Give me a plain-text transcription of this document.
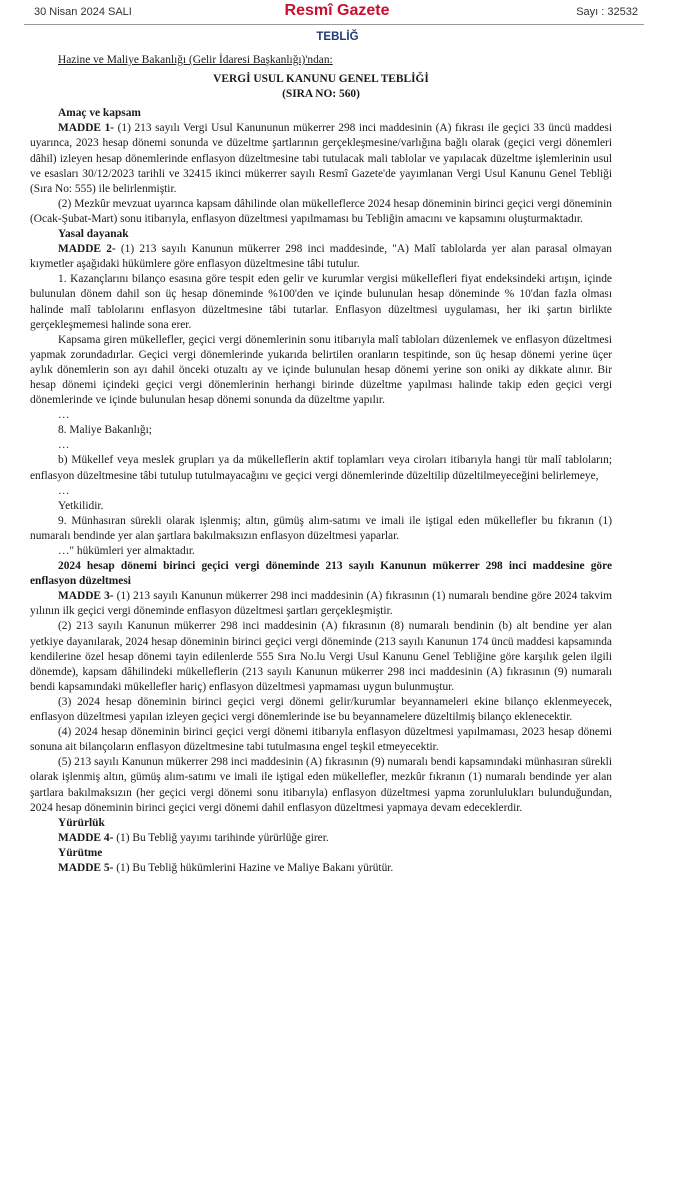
30 Nisan 2024 SALI	Resmî Gazete	Sayı : 32532
TEBLİĞ

Hazine ve Maliye Bakanlığı (Gelir İdaresi Başkanlığı)'ndan:

VERGİ USUL KANUNU GENEL TEBLİĞİ

(SIRA NO: 560)

Amaç ve kapsam

MADDE 1- (1) 213 sayılı Vergi Usul Kanununun mükerrer 298 inci maddesinin (A) fıkrası ile geçici 33 üncü maddesi uyarınca, 2023 hesap dönemi sonunda ve düzeltme şartlarının gerçekleşmesine/varlığına bağlı olarak (geçici vergi dönemleri dâhil) izleyen hesap dönemlerinde enflasyon düzeltmesine tabi tutulacak mali tablolar ve yapılacak düzeltme işlemlerinin usul ve esasları 30/12/2023 tarihli ve 32415 ikinci mükerrer sayılı Resmî Gazete'de yayımlanan Vergi Usul Kanunu Genel Tebliği (Sıra No: 555) ile belirlenmiştir.

(2) Mezkûr mevzuat uyarınca kapsam dâhilinde olan mükelleflerce 2024 hesap döneminin birinci geçici vergi döneminin (Ocak-Şubat-Mart) sonu itibarıyla, enflasyon düzeltmesi yapılmaması bu Tebliğin amacını ve kapsamını oluşturmaktadır.

Yasal dayanak

MADDE 2- (1) 213 sayılı Kanunun mükerrer 298 inci maddesinde, "A) Malî tablolarda yer alan parasal olmayan kıymetler aşağıdaki hükümlere göre enflasyon düzeltmesine tâbi tutulur.

1. Kazançlarını bilanço esasına göre tespit eden gelir ve kurumlar vergisi mükellefleri fiyat endeksindeki artışın, içinde bulunulan dönem dahil son üç hesap döneminde %100'den ve içinde bulunulan hesap döneminde % 10'dan fazla olması halinde malî tablolarını enflasyon düzeltmesine tâbi tutarlar. Enflasyon düzeltmesi uygulaması, her iki şartın birlikte gerçekleşmemesi halinde sona erer.

Kapsama giren mükellefler, geçici vergi dönemlerinin sonu itibarıyla malî tabloları düzenlemek ve enflasyon düzeltmesi yapmak zorundadırlar. Geçici vergi dönemlerinde yukarıda belirtilen oranların tespitinde, son üç hesap dönemi yerine üçer aylık dönemlerin son ayı dahil önceki otuzaltı ay ve içinde bulunulan hesap dönemi yerine son oniki ay dikkate alınır. Bir hesap dönemi içindeki geçici vergi dönemlerinin herhangi birinde düzeltme yapılması halinde takip eden geçici vergi dönemlerinde ve içinde bulunulan hesap dönemi sonunda da düzeltme yapılır.

…

8. Maliye Bakanlığı;

…

b) Mükellef veya meslek grupları ya da mükelleflerin aktif toplamları veya ciroları itibarıyla hangi tür malî tabloların; enflasyon düzeltmesine tâbi tutulup tutulmayacağını ve geçici vergi dönemlerinde düzeltilip düzeltilmeyeceğini belirlemeye,

…

Yetkilidir.

9. Münhasıran sürekli olarak işlenmiş; altın, gümüş alım-satımı ve imali ile iştigal eden mükellefler bu fıkranın (1) numaralı bendinde yer alan şartlara bakılmaksızın enflasyon düzeltmesi yaparlar.

…" hükümleri yer almaktadır.

2024 hesap dönemi birinci geçici vergi döneminde 213 sayılı Kanunun mükerrer 298 inci maddesine göre enflasyon düzeltmesi

MADDE 3- (1) 213 sayılı Kanunun mükerrer 298 inci maddesinin (A) fıkrasının (1) numaralı bendine göre 2024 takvim yılının ilk geçici vergi döneminde enflasyon düzeltmesi şartları gerçekleşmiştir.

(2) 213 sayılı Kanunun mükerrer 298 inci maddesinin (A) fıkrasının (8) numaralı bendinin (b) alt bendine yer alan yetkiye dayanılarak, 2024 hesap döneminin birinci geçici vergi döneminde (213 sayılı Kanunun 174 üncü maddesi kapsamında kendilerine özel hesap dönemi tayin edilenlerde 555 Sıra No.lu Vergi Usul Kanunu Genel Tebliğine göre karşılık gelen ilgili dönemde), kapsam dâhilindeki mükelleflerin (213 sayılı Kanunun mükerrer 298 inci maddesinin (A) fıkrasının (9) numaralı bendi kapsamındaki mükellefler hariç) enflasyon düzeltmesi yapmaması uygun bulunmuştur.

(3) 2024 hesap döneminin birinci geçici vergi dönemi gelir/kurumlar beyannameleri ekine bilanço eklenmeyecek, enflasyon düzeltmesi yapılan izleyen geçici vergi dönemlerinde ise bu beyannamelere düzeltilmiş bilanço eklenecektir.

(4) 2024 hesap döneminin birinci geçici vergi dönemi itibarıyla enflasyon düzeltmesi yapılmaması, 2023 hesap dönemi sonuna ait bilançoların enflasyon düzeltmesine tabi tutulmasına engel teşkil etmeyecektir.

(5) 213 sayılı Kanunun mükerrer 298 inci maddesinin (A) fıkrasının (9) numaralı bendi kapsamındaki münhasıran sürekli olarak işlenmiş altın, gümüş alım-satımı ve imali ile iştigal eden mükellefler, mezkûr fıkranın (1) numaralı bendinde yer alan şartlara bakılmaksızın (her geçici vergi dönemi sonu itibarıyla) enflasyon düzeltmesi yapma zorunlulukları bulunduğundan, 2024 hesap döneminin birinci geçici vergi dönemi dahil enflasyon düzeltmesi yapmaya devam edeceklerdir.

Yürürlük

MADDE 4- (1) Bu Tebliğ yayımı tarihinde yürürlüğe girer.

Yürütme

MADDE 5- (1) Bu Tebliğ hükümlerini Hazine ve Maliye Bakanı yürütür.
